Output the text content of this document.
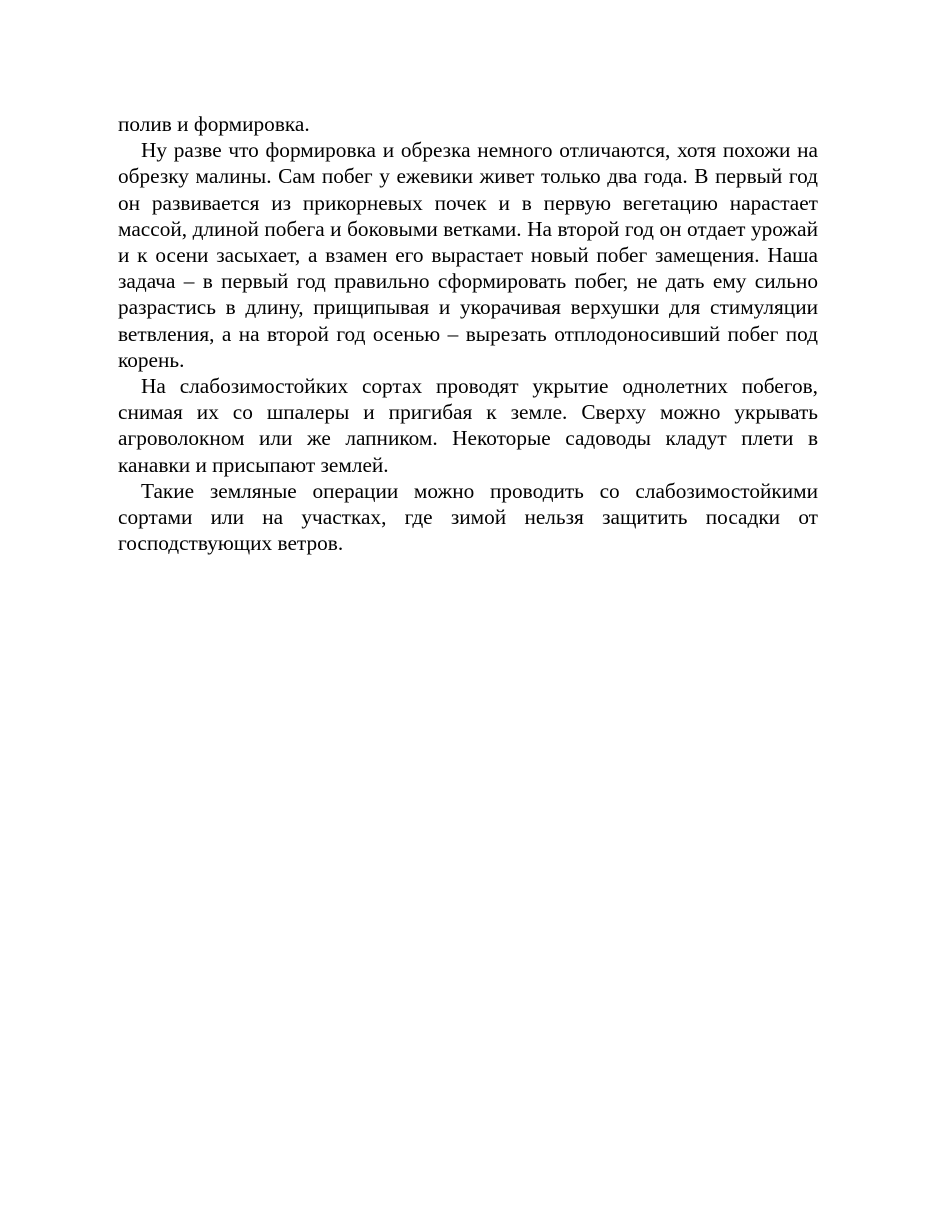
полив и формировка.

Ну разве что формировка и обрезка немного отличаются, хотя похожи на обрезку малины. Сам побег у ежевики живет только два года. В первый год он развивается из прикорневых почек и в первую вегетацию нарастает массой, длиной побега и боковыми ветками. На второй год он отдает урожай и к осени засыхает, а взамен его вырастает новый побег замещения. Наша задача – в первый год правильно сформировать побег, не дать ему сильно разрастись в длину, прищипывая и укорачивая верхушки для стимуляции ветвления, а на второй год осенью – вырезать отплодоносивший побег под корень.

На слабозимостойких сортах проводят укрытие однолетних побегов, снимая их со шпалеры и пригибая к земле. Сверху можно укрывать агроволокном или же лапником. Некоторые садоводы кладут плети в канавки и присыпают землей.

Такие земляные операции можно проводить со слабозимостойкими сортами или на участках, где зимой нельзя защитить посадки от господствующих ветров.
